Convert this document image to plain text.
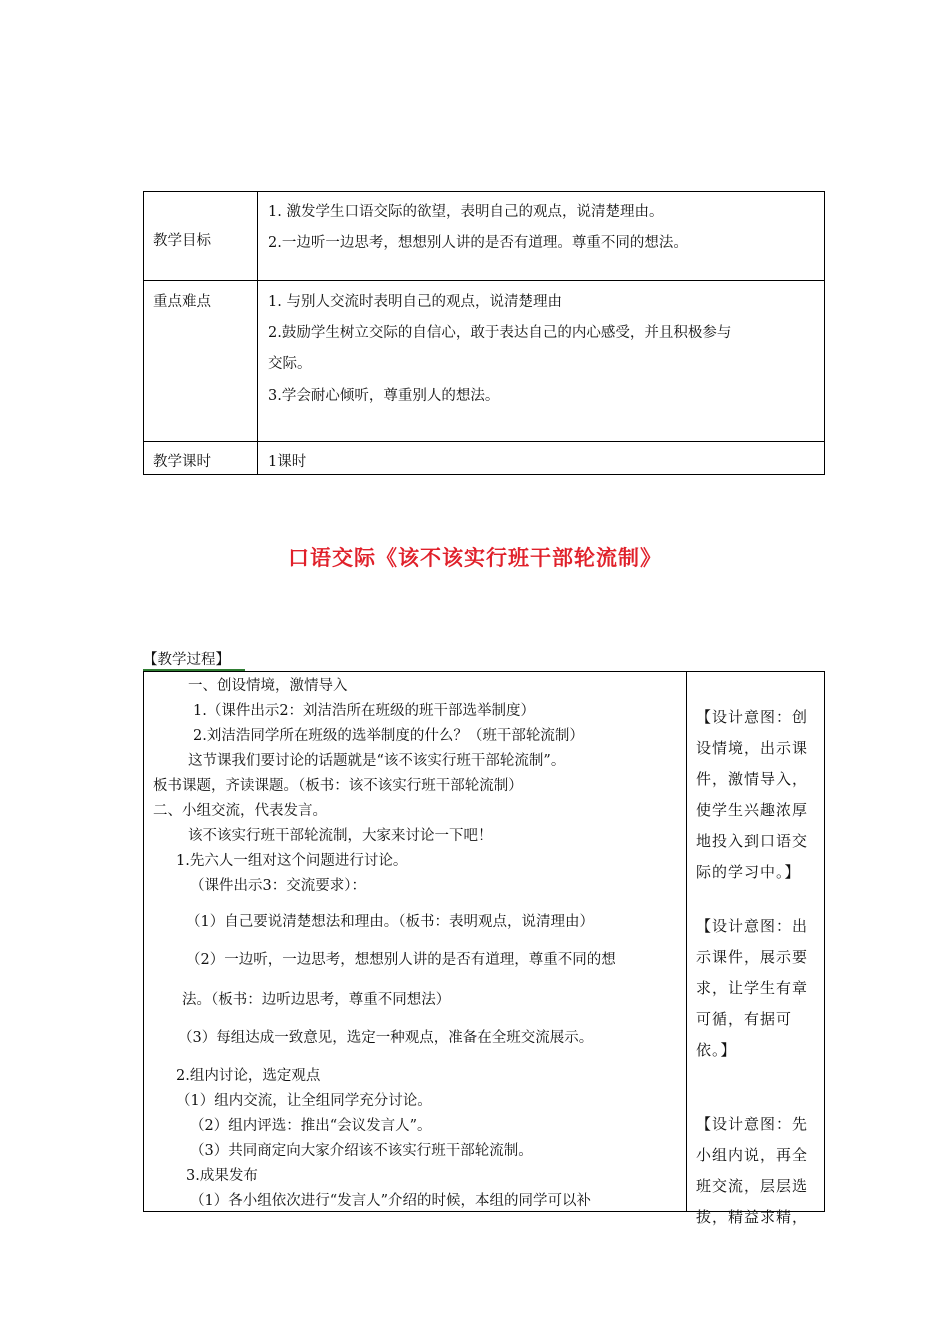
教学目标
1. 激发学生口语交际的欲望，表明自己的观点，说清楚理由。
2.一边听一边思考，想想别人讲的是否有道理。尊重不同的想法。
重点难点	1. 与别人交流时表明自己的观点，说清楚理由
2.鼓励学生树立交际的自信心，敢于表达自己的内心感受，并且积极参与
交际。
3.学会耐心倾听，尊重别人的想法。
教学课时	1课时
口语交际《该不该实行班干部轮流制》
【教学过程】
一、创设情境，激情导入
1.（课件出示2：刘洁浩所在班级的班干部选举制度）
2.刘洁浩同学所在班级的选举制度的什么？（班干部轮流制）
这节课我们要讨论的话题就是“该不该实行班干部轮流制”。
板书课题，齐读课题。（板书：该不该实行班干部轮流制）
二、小组交流，代表发言。
该不该实行班干部轮流制，大家来讨论一下吧！
1.先六人一组对这个问题进行讨论。
（课件出示3：交流要求）：
（1）自己要说清楚想法和理由。（板书：表明观点，说清理由）
（2）一边听，一边思考，想想别人讲的是否有道理，尊重不同的想
法。（板书：边听边思考，尊重不同想法）
（3）每组达成一致意见，选定一种观点，准备在全班交流展示。
2.组内讨论，选定观点
（1）组内交流，让全组同学充分讨论。
（2）组内评选：推出“会议发言人”。
（3）共同商定向大家介绍该不该实行班干部轮流制。
3.成果发布
（1）各小组依次进行“发言人”介绍的时候，本组的同学可以补
【设计意图：创设情境，出示课件，激情导入，使学生兴趣浓厚地投入到口语交际的学习中。】
【设计意图：出示课件，展示要求，让学生有章可循，有据可依。】
【设计意图：先小组内说，再全班交流，层层选拔，精益求精，
